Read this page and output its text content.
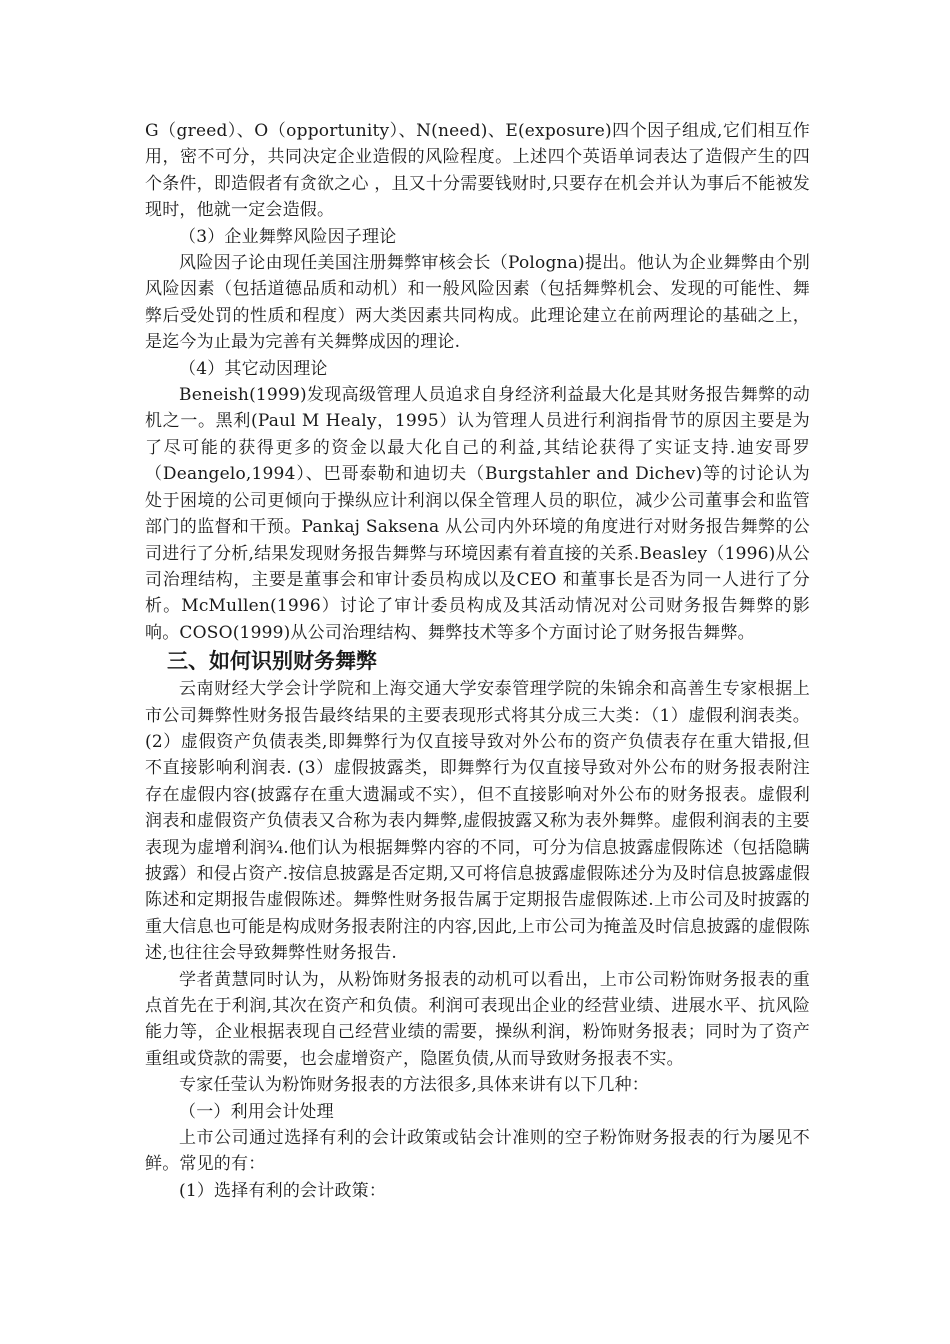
G（greed）、O（opportunity）、N(need)、E(exposure)四个因子组成,它们相互作用，密不可分，共同决定企业造假的风险程度。上述四个英语单词表达了造假产生的四个条件，即造假者有贪欲之心 ，且又十分需要钱财时,只要存在机会并认为事后不能被发现时，他就一定会造假。

（3）企业舞弊风险因子理论

风险因子论由现任美国注册舞弊审核会长（Pologna)提出。他认为企业舞弊由个别风险因素（包括道德品质和动机）和一般风险因素（包括舞弊机会、发现的可能性、舞弊后受处罚的性质和程度）两大类因素共同构成。此理论建立在前两理论的基础之上，是迄今为止最为完善有关舞弊成因的理论.

（4）其它动因理论

Beneish(1999)发现高级管理人员追求自身经济利益最大化是其财务报告舞弊的动机之一。黑利(Paul M Healy，1995）认为管理人员进行利润指骨节的原因主要是为了尽可能的获得更多的资金以最大化自己的利益,其结论获得了实证支持.迪安哥罗（Deangelo,1994）、巴哥泰勒和迪切夫（Burgstahler and Dichev)等的讨论认为处于困境的公司更倾向于操纵应计利润以保全管理人员的职位，减少公司董事会和监管部门的监督和干预。Pankaj Saksena 从公司内外环境的角度进行对财务报告舞弊的公司进行了分析,结果发现财务报告舞弊与环境因素有着直接的关系.Beasley（1996)从公司治理结构，主要是董事会和审计委员构成以及CEO 和董事长是否为同一人进行了分析。McMullen(1996）讨论了审计委员构成及其活动情况对公司财务报告舞弊的影响。COSO(1999)从公司治理结构、舞弊技术等多个方面讨论了财务报告舞弊。

三、如何识别财务舞弊

云南财经大学会计学院和上海交通大学安泰管理学院的朱锦余和高善生专家根据上市公司舞弊性财务报告最终结果的主要表现形式将其分成三大类：（1）虚假利润表类。(2）虚假资产负债表类,即舞弊行为仅直接导致对外公布的资产负债表存在重大错报,但不直接影响利润表. (3）虚假披露类，即舞弊行为仅直接导致对外公布的财务报表附注存在虚假内容(披露存在重大遗漏或不实），但不直接影响对外公布的财务报表。虚假利润表和虚假资产负债表又合称为表内舞弊,虚假披露又称为表外舞弊。虚假利润表的主要表现为虚增利润¾.他们认为根据舞弊内容的不同，可分为信息披露虚假陈述（包括隐瞒披露）和侵占资产.按信息披露是否定期,又可将信息披露虚假陈述分为及时信息披露虚假陈述和定期报告虚假陈述。舞弊性财务报告属于定期报告虚假陈述.上市公司及时披露的重大信息也可能是构成财务报表附注的内容,因此,上市公司为掩盖及时信息披露的虚假陈述,也往往会导致舞弊性财务报告.

学者黄慧同时认为，从粉饰财务报表的动机可以看出，上市公司粉饰财务报表的重点首先在于利润,其次在资产和负债。利润可表现出企业的经营业绩、进展水平、抗风险能力等，企业根据表现自己经营业绩的需要，操纵利润，粉饰财务报表；同时为了资产重组或贷款的需要，也会虚增资产，隐匿负债,从而导致财务报表不实。

专家任莹认为粉饰财务报表的方法很多,具体来讲有以下几种：

（一）利用会计处理

上市公司通过选择有利的会计政策或钻会计准则的空子粉饰财务报表的行为屡见不鲜。常见的有：

(1）选择有利的会计政策：
